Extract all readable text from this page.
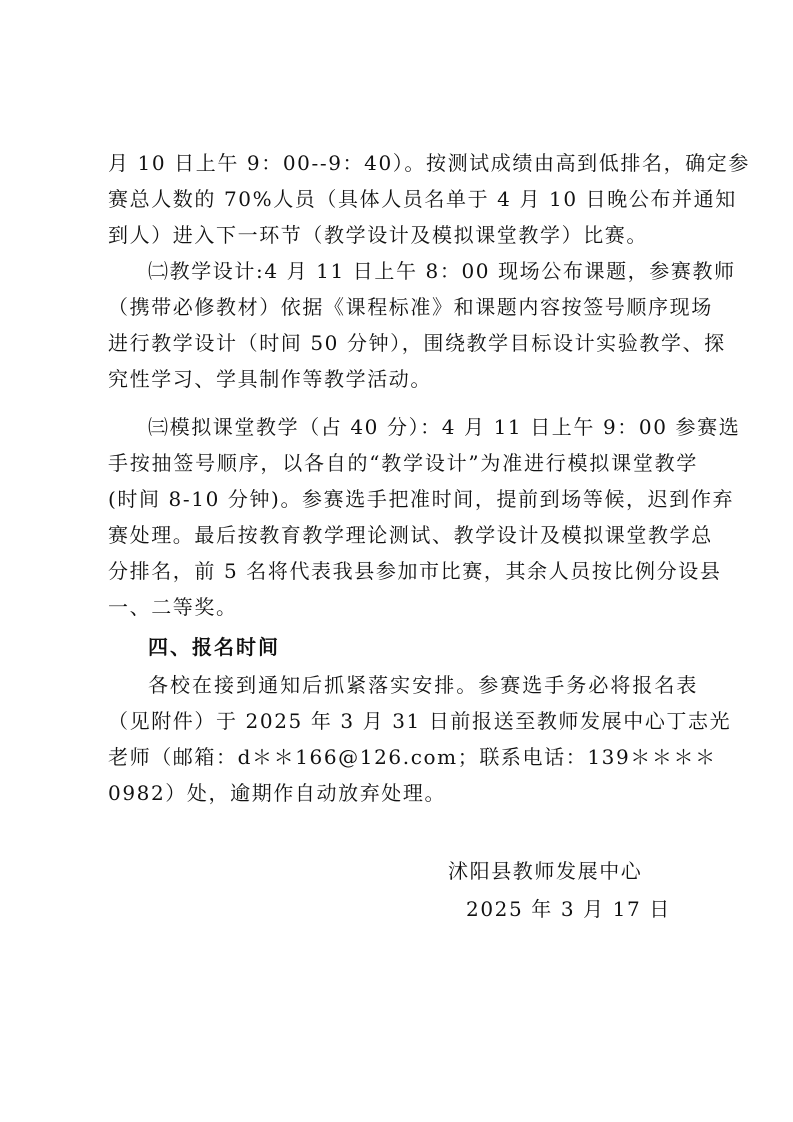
月 10 日上午 9：00--9：40）。按测试成绩由高到低排名，确定参
赛总人数的 70%人员（具体人员名单于 4 月 10 日晚公布并通知
到人）进入下一环节（教学设计及模拟课堂教学）比赛。
㈡教学设计:4 月 11 日上午 8：00 现场公布课题，参赛教师
（携带必修教材）依据《课程标准》和课题内容按签号顺序现场
进行教学设计（时间 50 分钟），围绕教学目标设计实验教学、探
究性学习、学具制作等教学活动。
㈢模拟课堂教学（占 40 分）：4 月 11 日上午 9：00 参赛选
手按抽签号顺序，以各自的“教学设计”为准进行模拟课堂教学
(时间 8-10 分钟)。参赛选手把准时间，提前到场等候，迟到作弃
赛处理。最后按教育教学理论测试、教学设计及模拟课堂教学总
分排名，前 5 名将代表我县参加市比赛，其余人员按比例分设县
一、二等奖。
四、报名时间
各校在接到通知后抓紧落实安排。参赛选手务必将报名表
（见附件）于 2025 年 3 月 31 日前报送至教师发展中心丁志光
老师（邮箱：d＊＊166@126.com；联系电话：139＊＊＊＊
0982）处，逾期作自动放弃处理。
沭阳县教师发展中心
2025 年 3 月 17 日
